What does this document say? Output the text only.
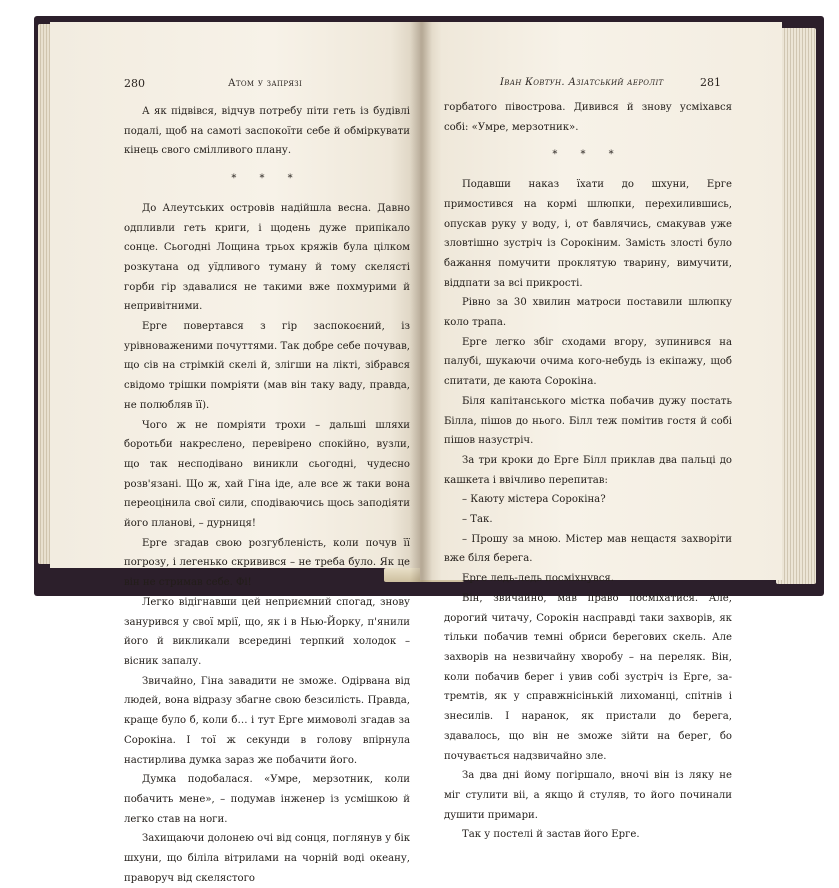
280	Атом у запрязі

А як підвівся, відчув потребу піти геть із будівлі подалі, щоб на самоті заспокоїти себе й обміркувати кінець свого смілливого плану.

* * *

До Алеутських островів надійшла весна. Давно одпливли геть криги, і щодень дуже припікало сонце. Сьогодні Лощина трьох кряжів була цілком розкутана од уїдливого туману й тому скелясті горби гір здавалися не такими вже похмурими й непривітними.

Ерге повертався з гір заспокоєний, із урівноваженими почуттями. Так добре себе почував, що сів на стрімкій скелі й, злігши на лікті, зібрався свідомо трішки помріяти (мав він таку ваду, правда, не полюбляв її).

Чого ж не помріяти трохи – дальші шляхи боротьби накреслено, перевірено спокійно, вузли, що так несподівано виникли сьогодні, чудесно розв'язані. Що ж, хай Гіна іде, але все ж таки вона переоцінила свої сили, сподіваючись щось заподіяти його планові, – дурниця!

Ерге згадав свою розгубленість, коли почув її погрозу, і легенько скривився – не треба було. Як це він не стримав себе. Фі!

Легко відігнавши цей неприємний спогад, знову занурився у свої мрії, що, як і в Нью-Йорку, п'янили його й викликали всередині терпкий холодок – вісник запалу.

Звичайно, Гіна завадити не зможе. Одірвана від людей, вона відразу збагне свою безсилість. Правда, краще було б, коли б… і тут Ерге мимоволі згадав за Сорокіна. І тої ж секунди в голову впірнула настирлива думка зараз же побачити його.

Думка подобалася. «Умре, мерзотник, коли побачить мене», – подумав інженер із усмішкою й легко став на ноги.

Захищаючи долонею очі від сонця, поглянув у бік шхуни, що біліла вітрилами на чорній воді океану, праворуч від скелястого

Іван Ковтун. Азіатський аерoліт	281

горбатого півострова. Дивився й знову усміхався собі: «Умре, мерзотник».

* * *

Подавши наказ їхати до шхуни, Ерге примостився на кормі шлюпки, перехилившись, опускав руку у воду, і, от бавлячись, смакував уже зловтішно зустріч із Сорокіним. Замість злості було бажання помучити проклятую тварину, вимучити, віддпати за всі прикрості.

Рівно за 30 хвилин матроси поставили шлюпку коло трапа.

Ерге легко збіг сходами вгору, зупинився на палубі, шукаючи очима кого-небудь із екіпажу, щоб спитати, де каюта Сорокіна.

Біля капітанського містка побачив дужу постать Білла, пішов до нього. Білл теж помітив гостя й собі пішов назустріч.

За три кроки до Ерге Білл приклав два пальці до кашкета і ввічливо перепитав:

– Каюту містера Сорокіна?

– Так.

– Прошу за мною. Містер мав нещастя захворіти вже біля берега.

Ерге ледь-ледь посміхнувся.

Він, звичайно, мав право посміхатися. Але, дорогий читачу, Сорокін насправді таки захворів, як тільки побачив темні обриси берегових скель. Але захворів на незвичайну хворобу – на переляк. Він, коли побачив берег і увив собі зустріч із Ерге, затремтів, як у справжнісінькій лихоманці, спітнів і знесилів. І наранок, як пристали до берега, здавалось, що він не зможе зійти на берег, бо почувається надзвичайно зле.

За два дні йому погіршало, вночі він із ляку не міг стулити віі, а якщо й стуляв, то його починали душити примари.

Так у постелі й застав його Ерге.
